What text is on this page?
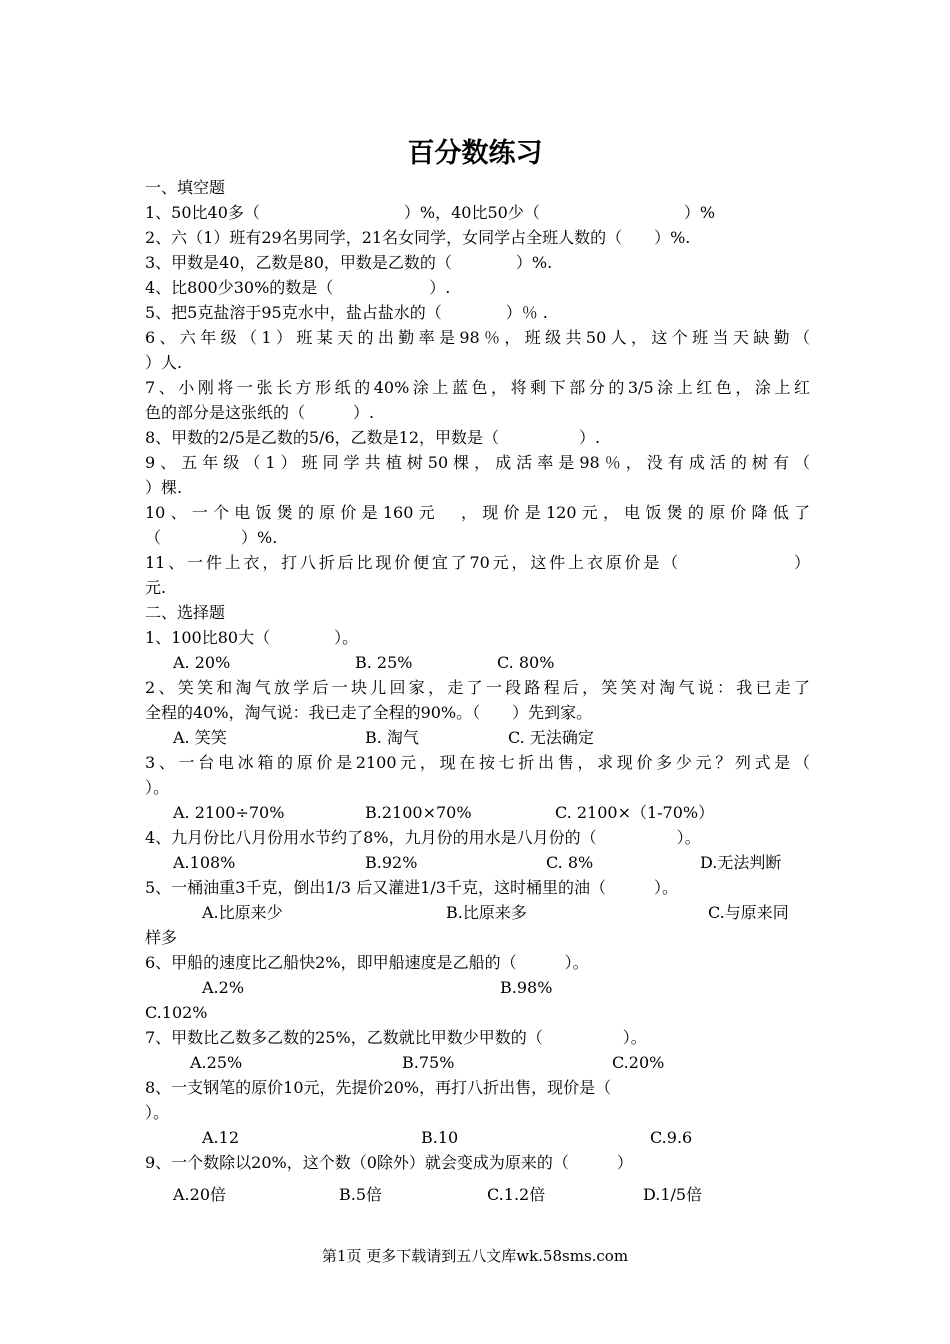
百分数练习
一、填空题
1、50比40多（　　　　　　　　　）%，40比50少（　　　　　　　　　）%
2、六（1）班有29名男同学，21名女同学，女同学占全班人数的（　　）%.
3、甲数是40，乙数是80，甲数是乙数的（　　　　）%.
4、比800少30%的数是（　　　　　　）.
5、把5克盐溶于95克水中，盐占盐水的（　　　　）％ .
6、六年级（1）班某天的出勤率是98％，班级共50人，这个班当天缺勤（
）人.
7、小刚将一张长方形纸的40%涂上蓝色，将剩下部分的3/5涂上红色，涂上红
色的部分是这张纸的（　　　）.
8、甲数的2/5是乙数的5/6，乙数是12，甲数是（　　　　　）.
9、五年级（1）班同学共植树50棵，成活率是98％，没有成活的树有（
）棵.
10、一个电饭煲的原价是160元　，现价是120元，电饭煲的原价降低了
（　　　　　）%.
11、一件上衣，打八折后比现价便宜了70元，这件上衣原价是（　　　　　　）
元.
二、选择题
1、100比80大（　　　　）。
A. 20%	B. 25%	C. 80%
2、笑笑和淘气放学后一块儿回家，走了一段路程后，笑笑对淘气说：我已走了
全程的40%，淘气说：我已走了全程的90%。（　　）先到家。
A. 笑笑	B. 淘气	C. 无法确定
3、一台电冰箱的原价是2100元，现在按七折出售，求现价多少元？列式是（
）。
A. 2100÷70%	B.2100×70%	C. 2100×（1-70%）
4、九月份比八月份用水节约了8%，九月份的用水是八月份的（　　　　　）。
A.108%	B.92%	C. 8%	D.无法判断
5、一桶油重3千克，倒出1/3 后又灌进1/3千克，这时桶里的油（　　　）。
A.比原来少	B.比原来多	C.与原来同
样多
6、甲船的速度比乙船快2%，即甲船速度是乙船的（　　　）。
A.2%	B.98%
C.102%
7、甲数比乙数多乙数的25%，乙数就比甲数少甲数的（　　　　　）。
A.25%	B.75%	C.20%
8、一支钢笔的原价10元，先提价20%，再打八折出售，现价是（
）。
A.12	B.10	C.9.6
9、一个数除以20%，这个数（0除外）就会变成为原来的（　　　）
A.20倍	B.5倍	C.1.2倍	D.1/5倍
第1页 更多下载请到五八文库wk.58sms.com
